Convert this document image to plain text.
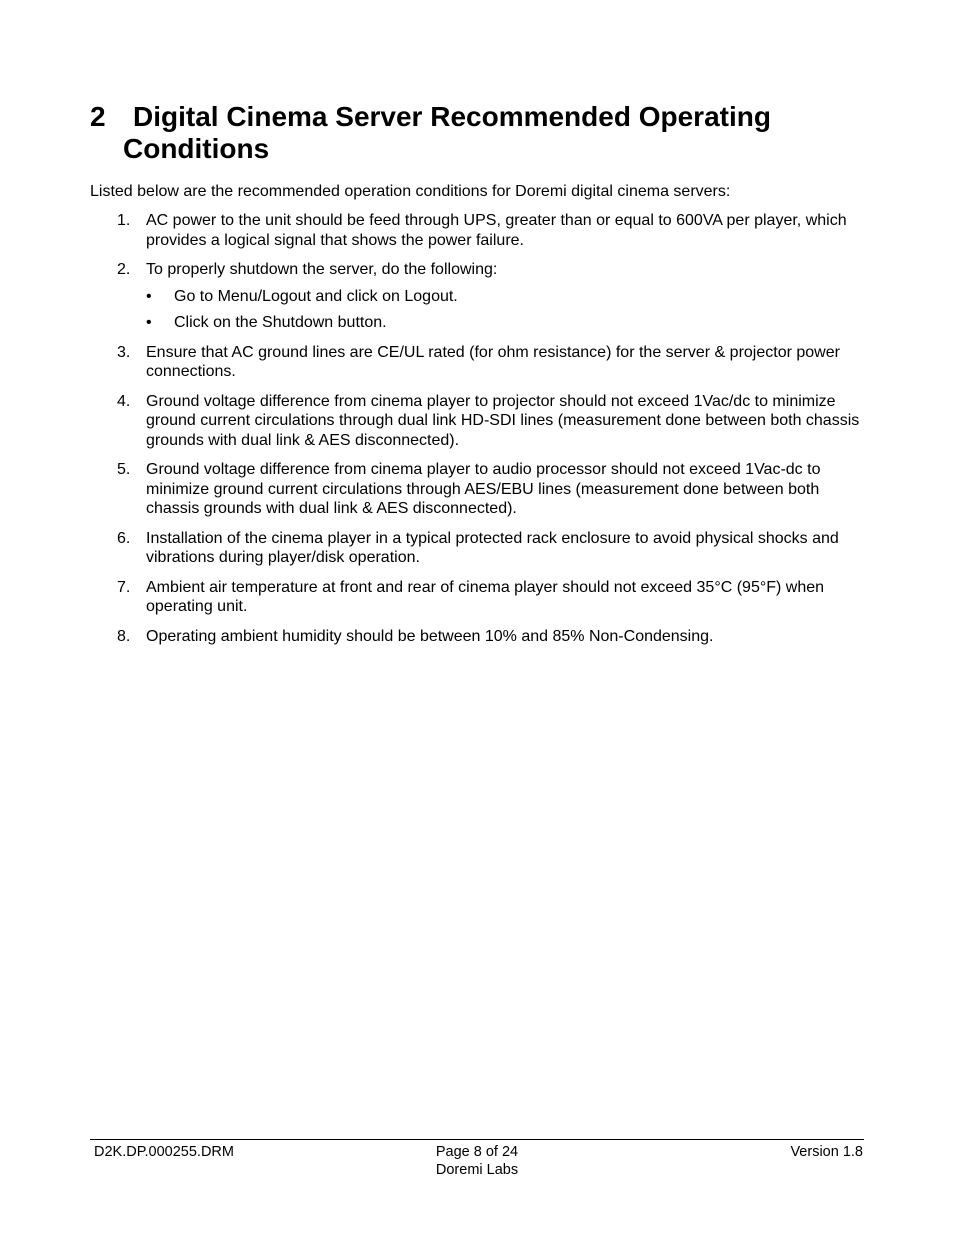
2 Digital Cinema Server Recommended Operating
Conditions

Listed below are the recommended operation conditions for Doremi digital cinema servers:

1. AC power to the unit should be feed through UPS, greater than or equal to 600VA per player, which provides a logical signal that shows the power failure.
2. To properly shutdown the server, do the following:
• Go to Menu/Logout and click on Logout.
• Click on the Shutdown button.
3. Ensure that AC ground lines are CE/UL rated (for ohm resistance) for the server & projector power connections.
4. Ground voltage difference from cinema player to projector should not exceed 1Vac/dc to minimize ground current circulations through dual link HD-SDI lines (measurement done between both chassis grounds with dual link & AES disconnected).
5. Ground voltage difference from cinema player to audio processor should not exceed 1Vac-dc to minimize ground current circulations through AES/EBU lines (measurement done between both chassis grounds with dual link & AES disconnected).
6. Installation of the cinema player in a typical protected rack enclosure to avoid physical shocks and vibrations during player/disk operation.
7. Ambient air temperature at front and rear of cinema player should not exceed 35°C (95°F) when operating unit.
8. Operating ambient humidity should be between 10% and 85% Non-Condensing.
D2K.DP.000255.DRM	Page 8 of 24
Doremi Labs
Version 1.8
